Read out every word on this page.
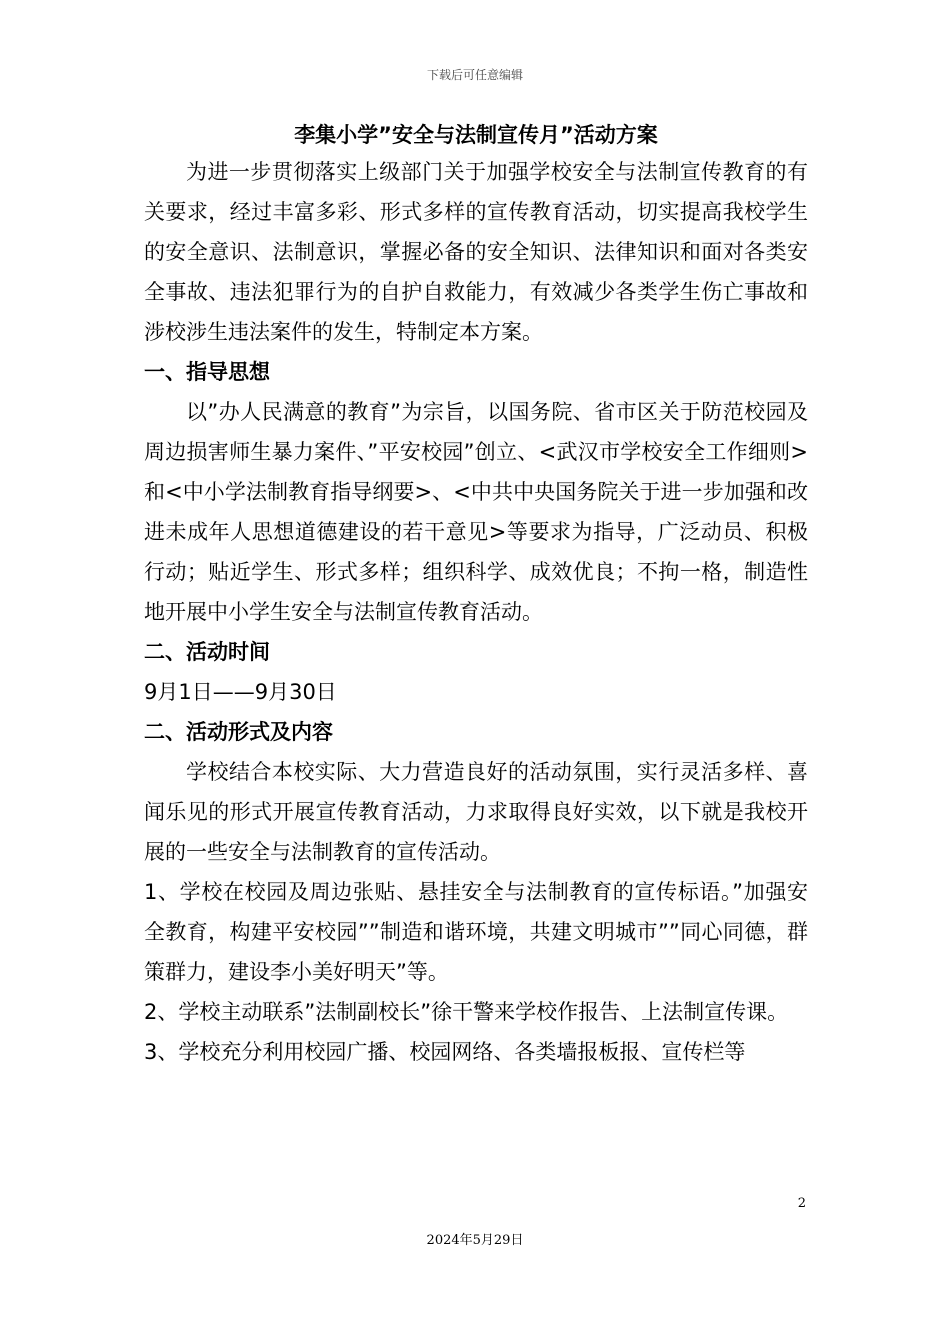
下载后可任意编辑
李集小学”安全与法制宣传月”活动方案

为进一步贯彻落实上级部门关于加强学校安全与法制宣传教育的有关要求，经过丰富多彩、形式多样的宣传教育活动，切实提高我校学生的安全意识、法制意识，掌握必备的安全知识、法律知识和面对各类安全事故、违法犯罪行为的自护自救能力，有效减少各类学生伤亡事故和涉校涉生违法案件的发生，特制定本方案。

一、指导思想

以”办人民满意的教育”为宗旨，以国务院、省市区关于防范校园及周边损害师生暴力案件、”平安校园”创立、<武汉市学校安全工作细则>和<中小学法制教育指导纲要>、<中共中央国务院关于进一步加强和改进未成年人思想道德建设的若干意见>等要求为指导，广泛动员、积极行动；贴近学生、形式多样；组织科学、成效优良；不拘一格，制造性地开展中小学生安全与法制宣传教育活动。

二、活动时间

9月1日——9月30日

二、活动形式及内容

学校结合本校实际、大力营造良好的活动氛围，实行灵活多样、喜闻乐见的形式开展宣传教育活动，力求取得良好实效，以下就是我校开展的一些安全与法制教育的宣传活动。

1、学校在校园及周边张贴、悬挂安全与法制教育的宣传标语。”加强安全教育，构建平安校园””制造和谐环境，共建文明城市””同心同德，群策群力，建设李小美好明天”等。

2、学校主动联系”法制副校长”徐干警来学校作报告、上法制宣传课。

3、学校充分利用校园广播、校园网络、各类墙报板报、宣传栏等

2
2024年5月29日
